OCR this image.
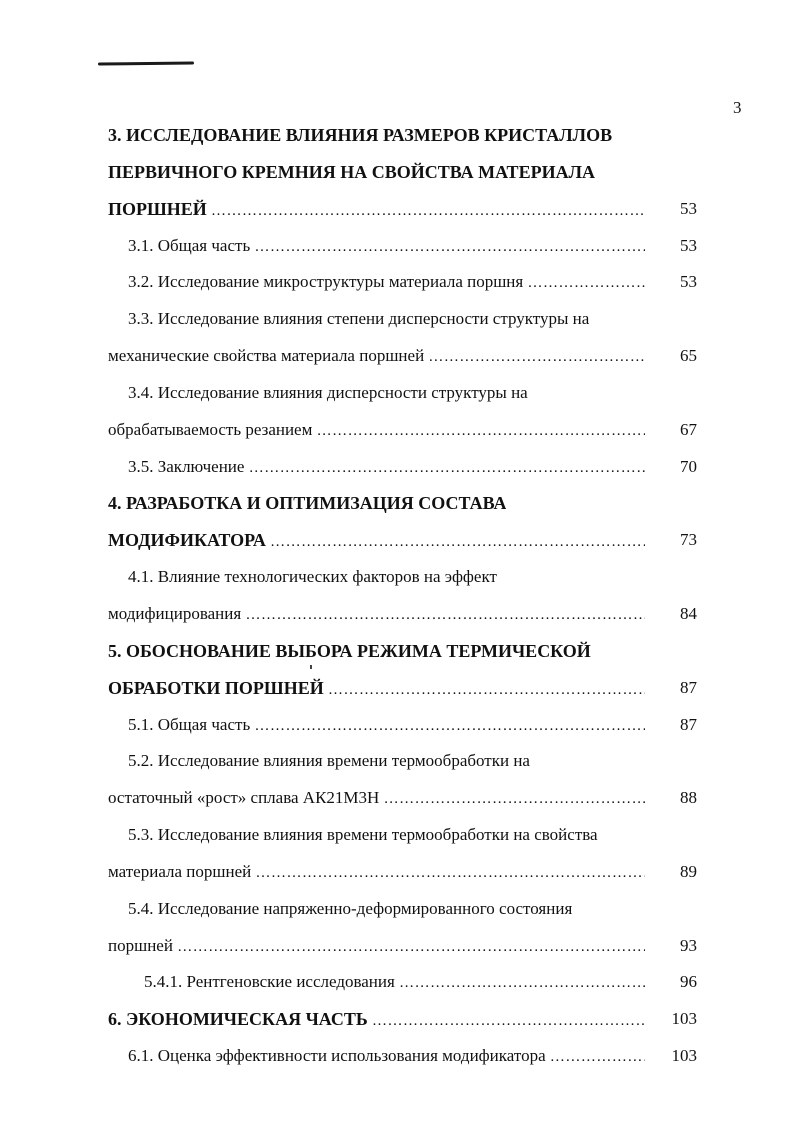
3
3. ИССЛЕДОВАНИЕ ВЛИЯНИЯ РАЗМЕРОВ КРИСТАЛЛОВ
ПЕРВИЧНОГО КРЕМНИЯ НА СВОЙСТВА МАТЕРИАЛА
ПОРШНЕЙ ………………………………………………………………………………………………………………………………	53
3.1. Общая часть ………………………………………………………………………………………………………………………………	53
3.2. Исследование микроструктуры материала поршня ………………………………………………………………………………………………………………………………	53
3.3. Исследование влияния степени дисперсности структуры на
механические свойства материала поршней ………………………………………………………………………………………………………………………………	65
3.4. Исследование влияния дисперсности структуры на
обрабатываемость резанием ………………………………………………………………………………………………………………………………	67
3.5. Заключение ………………………………………………………………………………………………………………………………	70
4. РАЗРАБОТКА И ОПТИМИЗАЦИЯ СОСТАВА
МОДИФИКАТОРА ………………………………………………………………………………………………………………………………	73
4.1. Влияние технологических факторов на эффект
модифицирования ………………………………………………………………………………………………………………………………	84
5. ОБОСНОВАНИЕ ВЫБОРА РЕЖИМА ТЕРМИЧЕСКОЙ
ОБРАБОТКИ ПОРШНЕЙ ………………………………………………………………………………………………………………………………	87
5.1. Общая часть ………………………………………………………………………………………………………………………………	87
5.2. Исследование влияния времени термообработки на
остаточный «рост» сплава АК21М3Н ………………………………………………………………………………………………………………………………	88
5.3. Исследование влияния времени термообработки на свойства
материала поршней ………………………………………………………………………………………………………………………………	89
5.4. Исследование напряженно-деформированного состояния
поршней ………………………………………………………………………………………………………………………………	93
5.4.1. Рентгеновские исследования ………………………………………………………………………………………………………………………………	96
6. ЭКОНОМИЧЕСКАЯ ЧАСТЬ ………………………………………………………………………………………………………………………………	103
6.1. Оценка эффективности использования модификатора ………………………………………………………………………………………………………………………………	103
